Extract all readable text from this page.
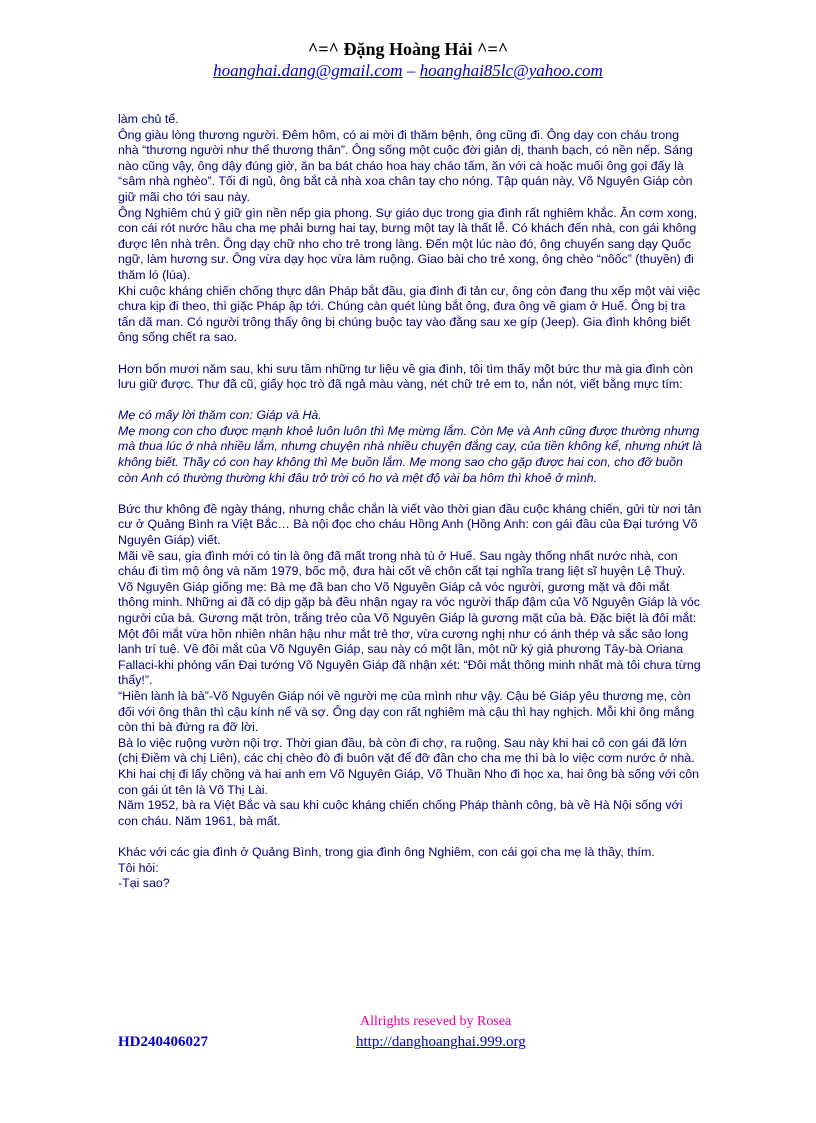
^=^ Đặng Hoàng Hải ^=^
hoanghai.dang@gmail.com – hoanghai85lc@yahoo.com

làm chủ tế.

Ông giàu lòng thương người. Đêm hôm, có ai mời đi thăm bệnh, ông cũng đi. Ông dạy con cháu trong nhà “thương người như thể thương thân”. Ông sống một cuộc đời giản dị, thanh bạch, có nền nếp. Sáng nào cũng vậy, ông dậy đúng giờ, ăn ba bát cháo hoa hay cháo tấm, ăn với cà hoặc muối ông gọi đấy là “sâm nhà nghèo”. Tối đi ngủ, ông bắt cả nhà xoa chân tay cho nóng. Tập quán này, Võ Nguyên Giáp còn giữ mãi cho tới sau này.

Ông Nghiêm chú ý giữ gìn nền nếp gia phong. Sự giáo dục trong gia đình rất nghiêm khắc. Ăn cơm xong, con cái rót nước hầu cha mẹ phải bưng hai tay, bưng một tay là thất lễ. Có khách đến nhà, con gái không được lên nhà trên. Ông dạy chữ nho cho trẻ trong làng. Đến một lúc nào đó, ông chuyển sang dạy Quốc ngữ, làm hương sư. Ông vừa dạy học vừa làm ruộng. Giao bài cho trẻ xong, ông chèo “nôốc” (thuyền) đi thăm ló (lúa).

Khi cuộc kháng chiến chống thực dân Pháp bắt đầu, gia đình đi tản cư, ông còn đang thu xếp một vài việc chưa kịp đi theo, thì giặc Pháp ập tới. Chúng càn quét lùng bắt ông, đưa ông về giam ở Huế. Ông bị tra tấn dã man. Có người trông thấy ông bị chúng buộc tay vào đằng sau xe gíp (Jeep). Gia đình không biết ông sống chết ra sao.

Hơn bốn mươi năm sau, khi sưu tầm những tư liệu về gia đình, tôi tìm thấy một bức thư mà gia đình còn lưu giữ được. Thư đã cũ, giấy học trò đã ngả màu vàng, nét chữ trẻ em to, nắn nót, viết bằng mực tím:

Mẹ có mấy lời thăm con: Giáp và Hà.

Mẹ mong con cho được mạnh khoẻ luôn luôn thì Mẹ mừng lắm. Còn Mẹ và Anh cũng được thường nhưng mà thua lúc ở nhà nhiều lắm, nhưng chuyện nhà nhiều chuyện đắng cay, của tiền không kể, nhưng nhứt là không biết. Thầy có con hay không thì Mẹ buồn lắm. Mẹ mong sao cho gặp được hai con, cho đỡ buồn còn Anh có thường thường khi đâu trở trời có ho và mệt độ vài ba hôm thì khoẻ ở mình.

Bức thư không đề ngày tháng, nhưng chắc chắn là viết vào thời gian đầu cuộc kháng chiến, gửi từ nơi tản cư ở Quảng Bình ra Việt Bắc… Bà nội đọc cho cháu Hồng Anh (Hồng Anh: con gái đầu của Đại tướng Võ Nguyên Giáp) viết.

Mãi về sau, gia đình mới có tin là ông đã mất trong nhà tù ở Huế. Sau ngày thống nhất nước nhà, con cháu đi tìm mộ ông và năm 1979, bốc mộ, đưa hài cốt về chôn cất tại nghĩa trang liệt sĩ huyện Lệ Thuỷ.

Võ Nguyên Giáp giống mẹ: Bà mẹ đã ban cho Võ Nguyên Giáp cả vóc người, gương mặt và đôi mắt thông minh. Những ai đã có dịp gặp bà đều nhận ngay ra vóc người thấp đậm của Võ Nguyên Giáp là vóc người của bà. Gương mặt tròn, trắng trẻo của Võ Nguyên Giáp là gương mặt của bà. Đặc biệt là đôi mắt: Một đôi mắt vừa hồn nhiên nhân hậu như mắt trẻ thơ, vừa cương nghị như có ánh thép và sắc sảo long lanh trí tuệ. Về đôi mắt của Võ Nguyên Giáp, sau này có một lần, một nữ ký giả phương Tây-bà Oriana Fallaci-khi phỏng vấn Đại tướng Võ Nguyên Giáp đã nhận xét: “Đôi mắt thông minh nhất mà tôi chưa từng thấy!”.

“Hiền lành là bà”-Võ Nguyên Giáp nói về người mẹ của mình như vậy. Cậu bé Giáp yêu thương mẹ, còn đối với ông thân thì cậu kính nể và sợ. Ông dạy con rất nghiêm mà cậu thì hay nghịch. Mỗi khi ông mắng còn thì bà đứng ra đỡ lời.

Bà lo việc ruộng vườn nội trợ. Thời gian đầu, bà còn đi chợ, ra ruộng. Sau này khi hai cô con gái đã lớn (chị Điềm và chị Liên), các chị chèo đò đi buôn vặt để đỡ đần cho cha mẹ thì bà lo việc cơm nước ở nhà. Khi hai chị đi lấy chồng và hai anh em Võ Nguyên Giáp, Võ Thuần Nho đi học xa, hai ông bà sống với côn con gái út tên là Võ Thị Lài.

Năm 1952, bà ra Việt Bắc và sau khi cuộc kháng chiến chống Pháp thành công, bà về Hà Nội sống với con cháu. Năm 1961, bà mất.

Khác với các gia đình ở Quảng Bình, trong gia đình ông Nghiêm, con cái gọi cha mẹ là thầy, thím.

Tôi hỏi:

-Tại sao?

Allrights reseved by Rosea
HD240406027	http://danghoanghai.999.org
